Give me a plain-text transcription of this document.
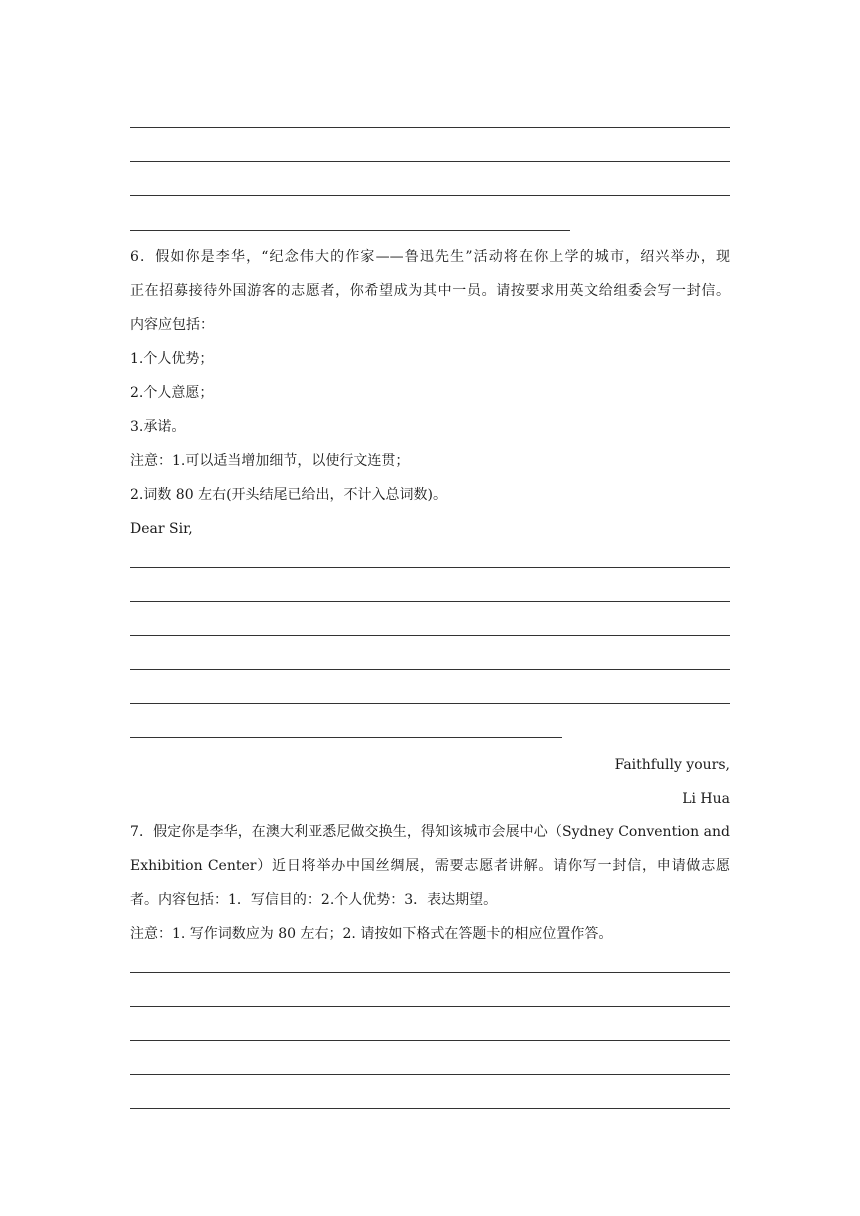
6．假如你是李华，“纪念伟大的作家——鲁迅先生”活动将在你上学的城市，绍兴举办，现
正在招募接待外国游客的志愿者，你希望成为其中一员。请按要求用英文给组委会写一封信。
内容应包括：
1.个人优势；
2.个人意愿；
3.承诺。
注意：1.可以适当增加细节，以使行文连贯；
2.词数 80 左右(开头结尾已给出，不计入总词数)。
Dear Sir,
Faithfully yours,
Li Hua
7．假定你是李华，在澳大利亚悉尼做交换生，得知该城市会展中心（Sydney Convention and
Exhibition Center）近日将举办中国丝绸展，需要志愿者讲解。请你写一封信，申请做志愿
者。内容包括：1．写信目的：2.个人优势：3．表达期望。
注意：1. 写作词数应为 80 左右；2. 请按如下格式在答题卡的相应位置作答。
